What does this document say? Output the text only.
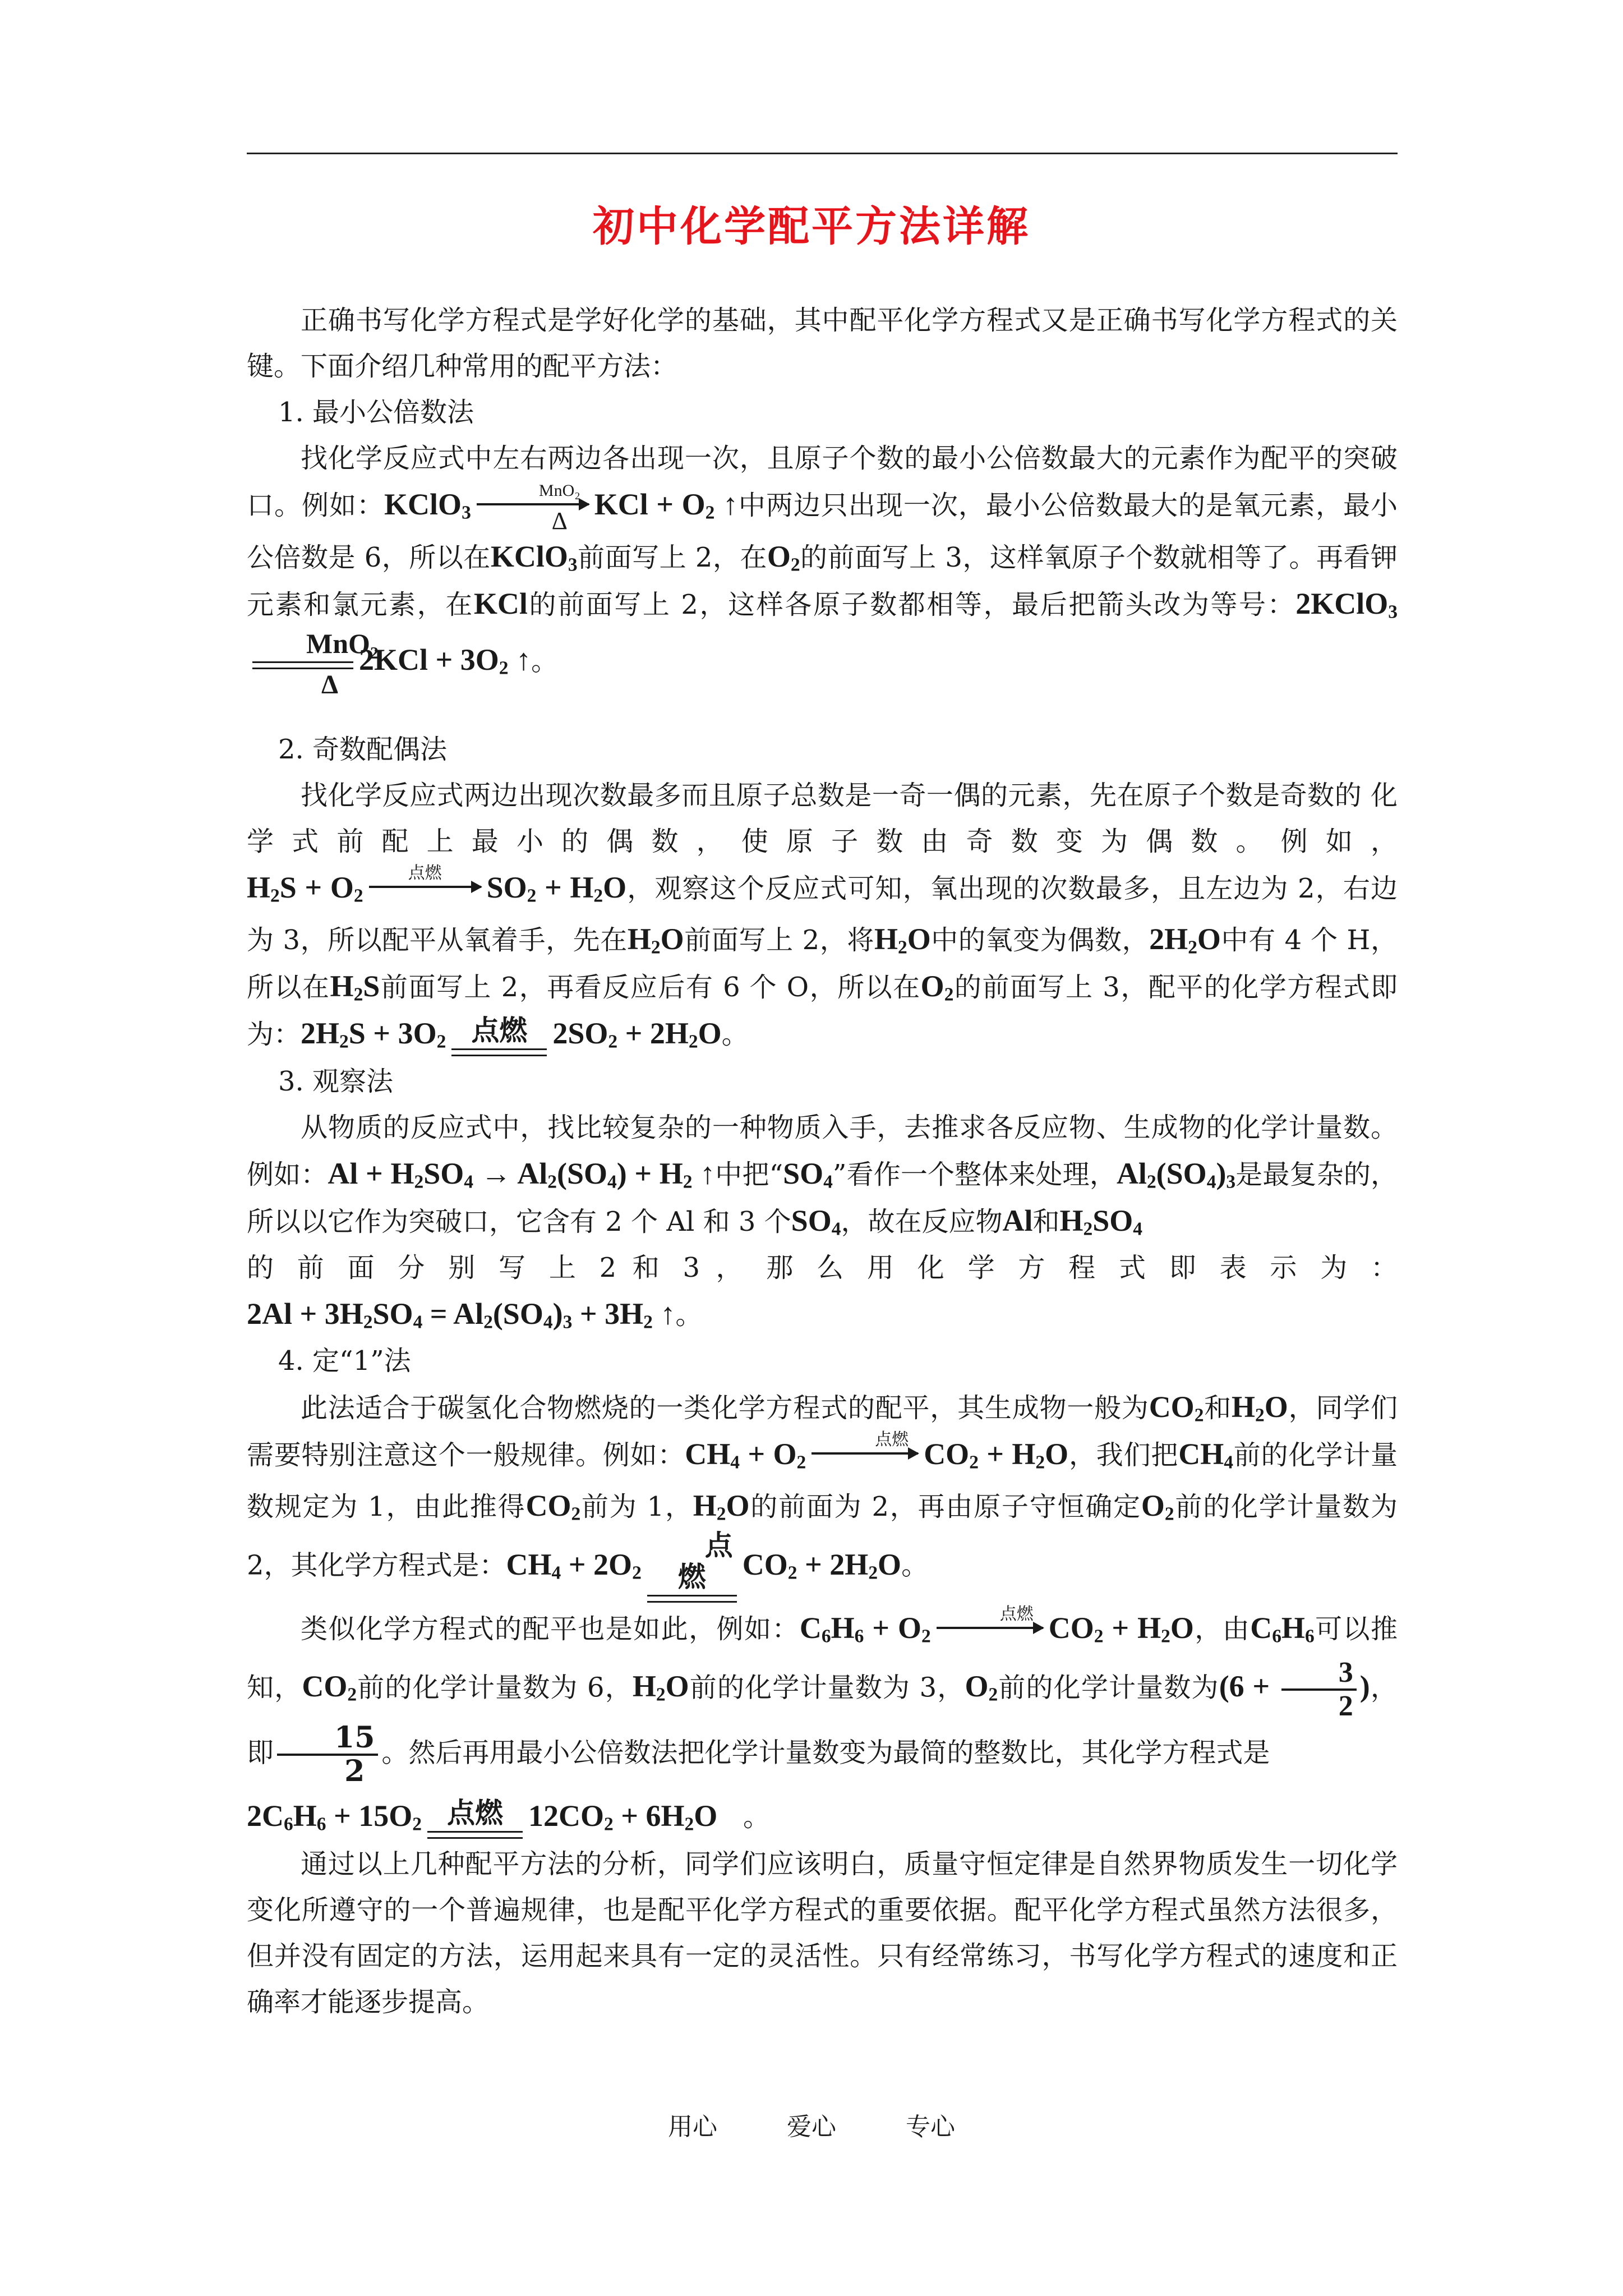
初中化学配平方法详解

正确书写化学方程式是学好化学的基础，其中配平化学方程式又是正确书写化学方程式的关键。下面介绍几种常用的配平方法：

1. 最小公倍数法

找化学反应式中左右两边各出现一次，且原子个数的最小公倍数最大的元素作为配平的突破口。例如：KClO$_3$
MnO₂
Δ KCl + $O_2$ ↑中两边只出现一次，最小公倍数最大的是氧元素，最小公倍数是 6，所以在KClO$_3$前面写上 2，在$O_2$的前面写上 3，这样氧原子个数就相等了。再看钾元素和氯元素，在KCl的前面写上 2，这样各原子数都相等，最后把箭头改为等号：2KClO$_3$
MnO₂
Δ
$2KCl + 3O_2$ ↑。

2. 奇数配偶法

找化学反应式两边出现次数最多而且原子总数是一奇一偶的元素，先在原子个数是奇数的 化 学 式 前 配 上 最 小 的 偶 数 ， 使 原 子 数 由 奇 数 变 为 偶 数 。 例 如 ，

$H_2S + O_2$
点燃
	$SO_2 + H_2O$，观察这个反应式可知，氧出现的次数最多，且左边为 2，右边为 3，所以配平从氧着手，先在$H_2O$前面写上 2，将$H_2O$中的氧变为偶数，$2H_2O$中有 4 个 H，所以在$H_2S$前面写上 2，再看反应后有 6 个 O，所以在$O_2$的前面写上 3，配平的化学方程式即为：$2H_2S + 3O_2$ 点燃 $2SO_2 + 2H_2O$。

3. 观察法

从物质的反应式中，找比较复杂的一种物质入手，去推求各反应物、生成物的化学计量数。例如：$Al + H_2SO_4 \to Al_2(SO_4) + H_2$ ↑中把“$SO_4$”看作一个整体来处理，$Al_2(SO_4)_3$是最复杂的，所以以它作为突破口，它含有 2 个 Al 和 3 个$SO_4$，故在反应物Al和$H_2SO_4$

的 前 面 分 别 写 上 2 和 3 ， 那 么 用 化 学 方 程 式 即 表 示 为 ：

$2Al + 3H_2SO_4 = Al_2(SO_4)_3 + 3H_2$ ↑。

4. 定“1”法

此法适合于碳氢化合物燃烧的一类化学方程式的配平，其生成物一般为$CO_2$和$H_2O$，同学们需要特别注意这个一般规律。例如：$CH_4 + O_2$
点燃
$CO_2 + H_2O$，我们把$CH_4$前的化学计量数规定为 1，由此推得$CO_2$前为 1，$H_2O$的前面为 2，再由原子守恒确定$O_2$前的化学计量数为 2，其化学方程式是：$CH_4 + 2O_2$
点燃	$CO_2 + 2H_2O$。

类似化学方程式的配平也是如此，例如：$C_6H_6 + O_2$
点燃
$CO_2 + H_2O$，由$C_6H_6$可以推知，$CO_2$前的化学计量数为 6，$H_2O$前的化学计量数为 3，$O_2$前的化学计量数为($6 + \frac{3}{2}$ )，即 $\frac{15}{2}$ 。然后再用最小公倍数法把化学计量数变为最简的整数比，其化学方程式是

$2C_6H_6 + 15O_2$ 点燃 $12CO_2 + 6H_2O$ 。

通过以上几种配平方法的分析，同学们应该明白，质量守恒定律是自然界物质发生一切化学变化所遵守的一个普遍规律，也是配平化学方程式的重要依据。配平化学方程式虽然方法很多，但并没有固定的方法，运用起来具有一定的灵活性。只有经常练习，书写化学方程式的速度和正确率才能逐步提高。

用心	爱心	专心
